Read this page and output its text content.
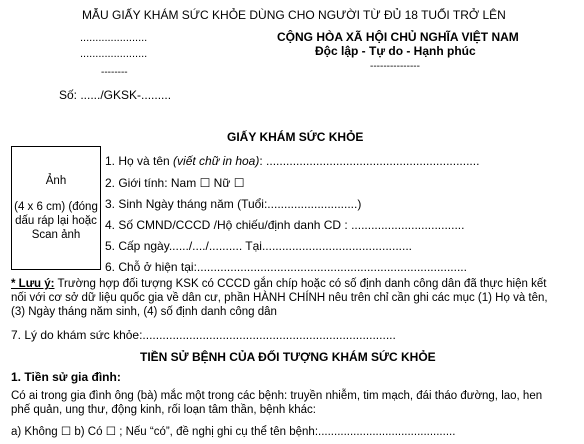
MẪU GIẤY KHÁM SỨC KHỎE DÙNG CHO NGƯỜI TỪ ĐỦ 18 TUỔI TRỞ LÊN
......................
......................
--------
Số: ....../GKSK-.........
CỘNG HÒA XÃ HỘI CHỦ NGHĨA VIỆT NAM
Độc lập - Tự do - Hạnh phúc
---------------
GIẤY KHÁM SỨC KHỎE
Ảnh
(4 x 6 cm) (đóng
dấu ráp lại hoặc
Scan ảnh
1. Họ và tên (viết chữ in hoa): ................................................................
2. Giới tính: Nam ☐ Nữ ☐
3. Sinh Ngày tháng năm (Tuổi:...........................)
4. Số CMND/CCCD /Hộ chiếu/định danh CD : ..................................
5. Cấp ngày....../..../.......... Tại.............................................
6. Chỗ ở hiện tại:.................................................................................
* Lưu ý: Trường hợp đối tượng KSK có CCCD gắn chíp hoặc có số định danh công dân đã thực hiện kết
nối với cơ sở dữ liệu quốc gia về dân cư, phần HÀNH CHÍNH nêu trên chỉ cần ghi các mục (1) Họ và tên,
(3) Ngày tháng năm sinh, (4) số định danh công dân
7. Lý do khám sức khỏe:............................................................................
TIỀN SỬ BỆNH CỦA ĐỐI TƯỢNG KHÁM SỨC KHỎE
1. Tiền sử gia đình:
Có ai trong gia đình ông (bà) mắc một trong các bệnh: truyền nhiễm, tim mạch, đái tháo đường, lao, hen
phế quản, ung thư, động kinh, rối loạn tâm thần, bệnh khác:
a) Không ☐ b) Có ☐ ; Nếu “có”, đề nghị ghi cụ thể tên bệnh:...........................................
